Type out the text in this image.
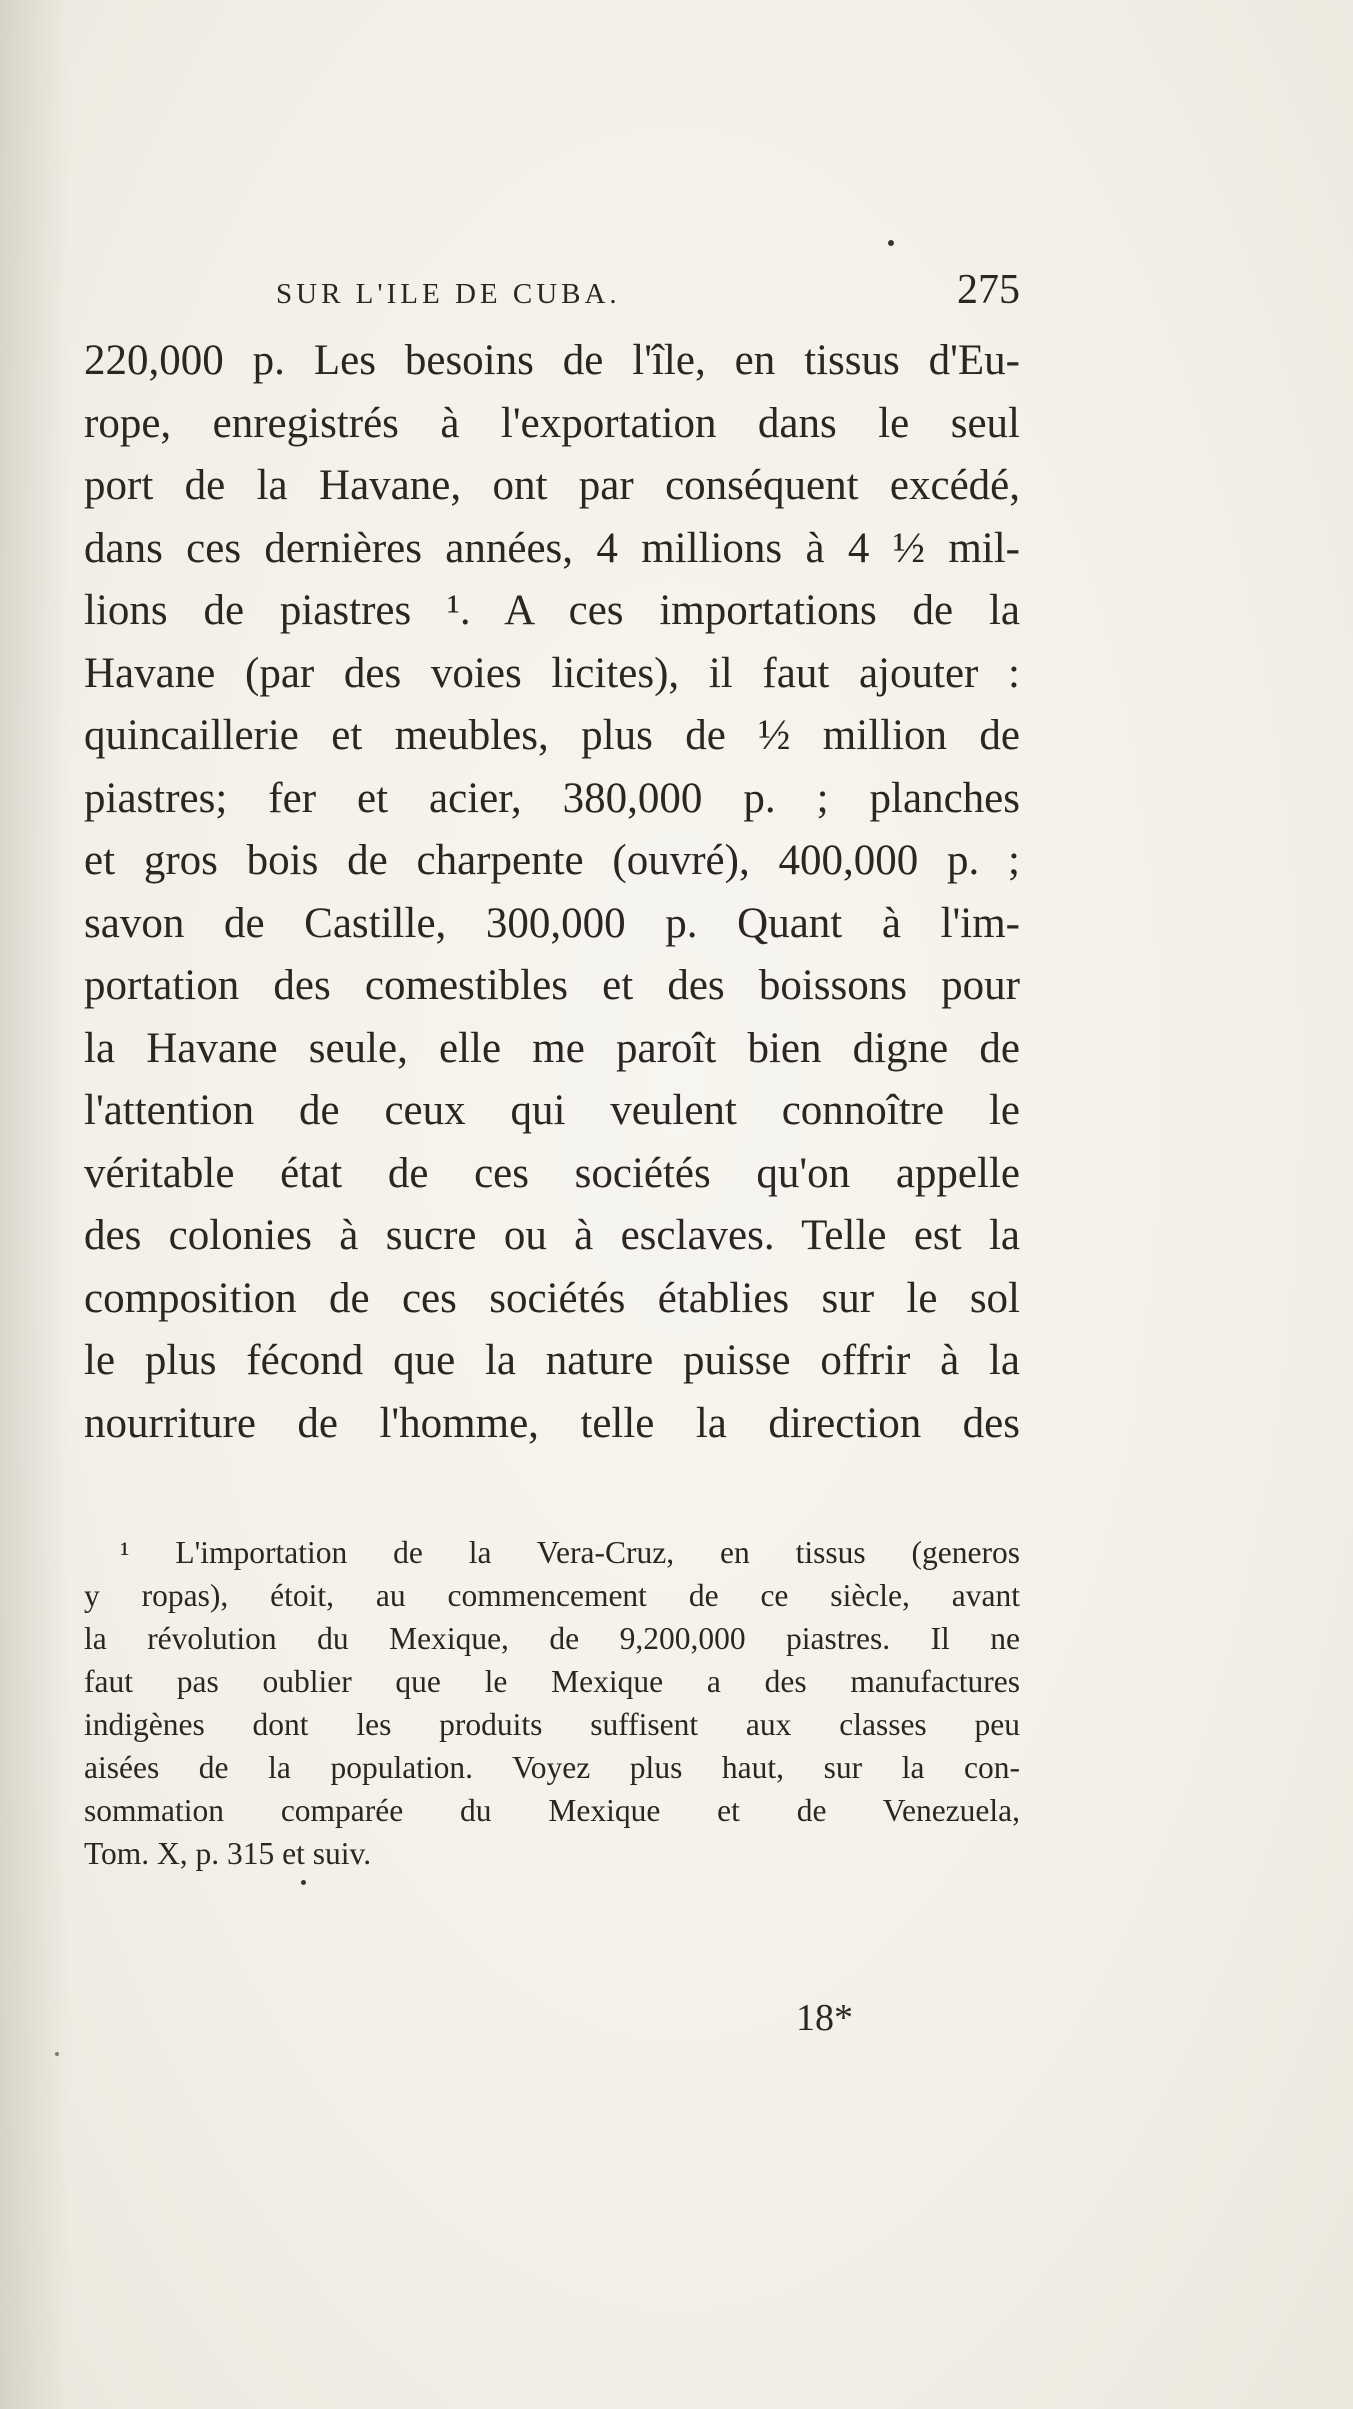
SUR L'ILE DE CUBA.	275
220,000 p. Les besoins de l'île, en tissus d'Eu-
rope, enregistrés à l'exportation dans le seul
port de la Havane, ont par conséquent excédé,
dans ces dernières années, 4 millions à 4 ½ mil-
lions de piastres ¹. A ces importations de la
Havane (par des voies licites), il faut ajouter :
quincaillerie et meubles, plus de ½ million de
piastres; fer et acier, 380,000 p. ; planches
et gros bois de charpente (ouvré), 400,000 p. ;
savon de Castille, 300,000 p. Quant à l'im-
portation des comestibles et des boissons pour
la Havane seule, elle me paroît bien digne de
l'attention de ceux qui veulent connoître le
véritable état de ces sociétés qu'on appelle
des colonies à sucre ou à esclaves. Telle est la
composition de ces sociétés établies sur le sol
le plus fécond que la nature puisse offrir à la
nourriture de l'homme, telle la direction des
¹ L'importation de la Vera-Cruz, en tissus (generos
y ropas), étoit, au commencement de ce siècle, avant
la révolution du Mexique, de 9,200,000 piastres. Il ne
faut pas oublier que le Mexique a des manufactures
indigènes dont les produits suffisent aux classes peu
aisées de la population. Voyez plus haut, sur la con-
sommation comparée du Mexique et de Venezuela,
Tom. X, p. 315 et suiv.
18*
